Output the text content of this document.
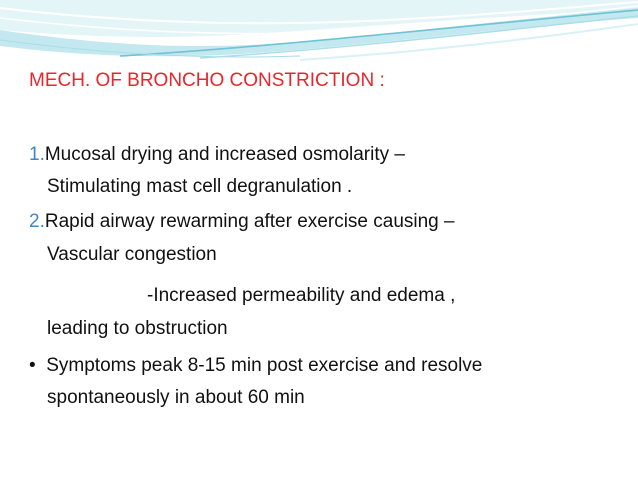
MECH. OF BRONCHO CONSTRICTION :
1.Mucosal drying and increased osmolarity –
Stimulating mast cell degranulation .
2.Rapid airway rewarming after exercise causing –
Vascular congestion
-Increased permeability and edema ,
leading to obstruction
• Symptoms peak 8-15 min post exercise and resolve
spontaneously in about 60 min
